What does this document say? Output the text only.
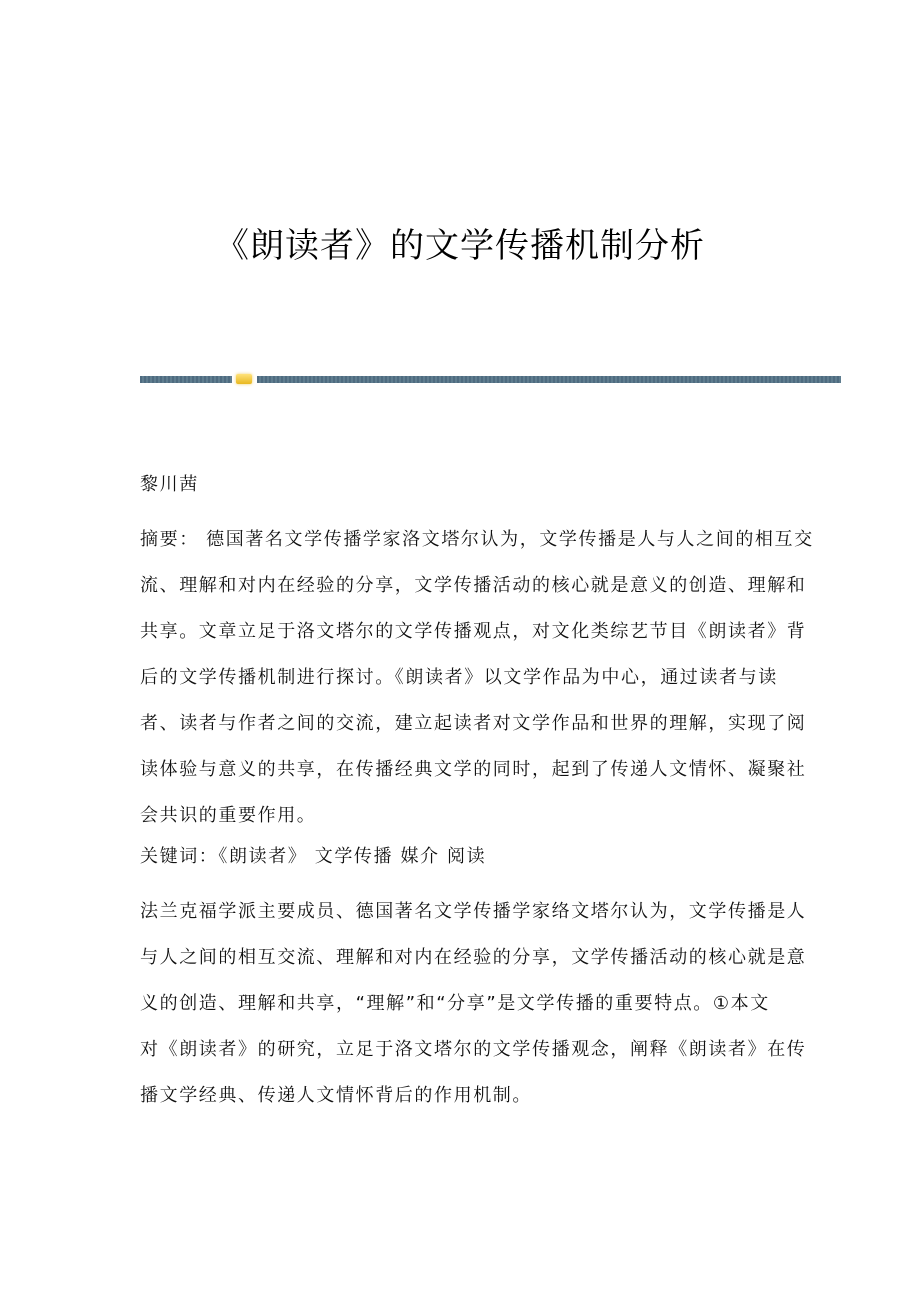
《朗读者》的文学传播机制分析
黎川茜
摘要： 德国著名文学传播学家洛文塔尔认为，文学传播是人与人之间的相互交
流、理解和对内在经验的分享，文学传播活动的核心就是意义的创造、理解和
共享。文章立足于洛文塔尔的文学传播观点，对文化类综艺节目《朗读者》背
后的文学传播机制进行探讨。《朗读者》以文学作品为中心，通过读者与读
者、读者与作者之间的交流，建立起读者对文学作品和世界的理解，实现了阅
读体验与意义的共享，在传播经典文学的同时，起到了传递人文情怀、凝聚社
会共识的重要作用。
关键词：《朗读者》 文学传播 媒介 阅读
法兰克福学派主要成员、德国著名文学传播学家络文塔尔认为，文学传播是人
与人之间的相互交流、理解和对内在经验的分享，文学传播活动的核心就是意
义的创造、理解和共享，“理解”和“分享”是文学传播的重要特点。①本文
对《朗读者》的研究，立足于洛文塔尔的文学传播观念，阐释《朗读者》在传
播文学经典、传递人文情怀背后的作用机制。
